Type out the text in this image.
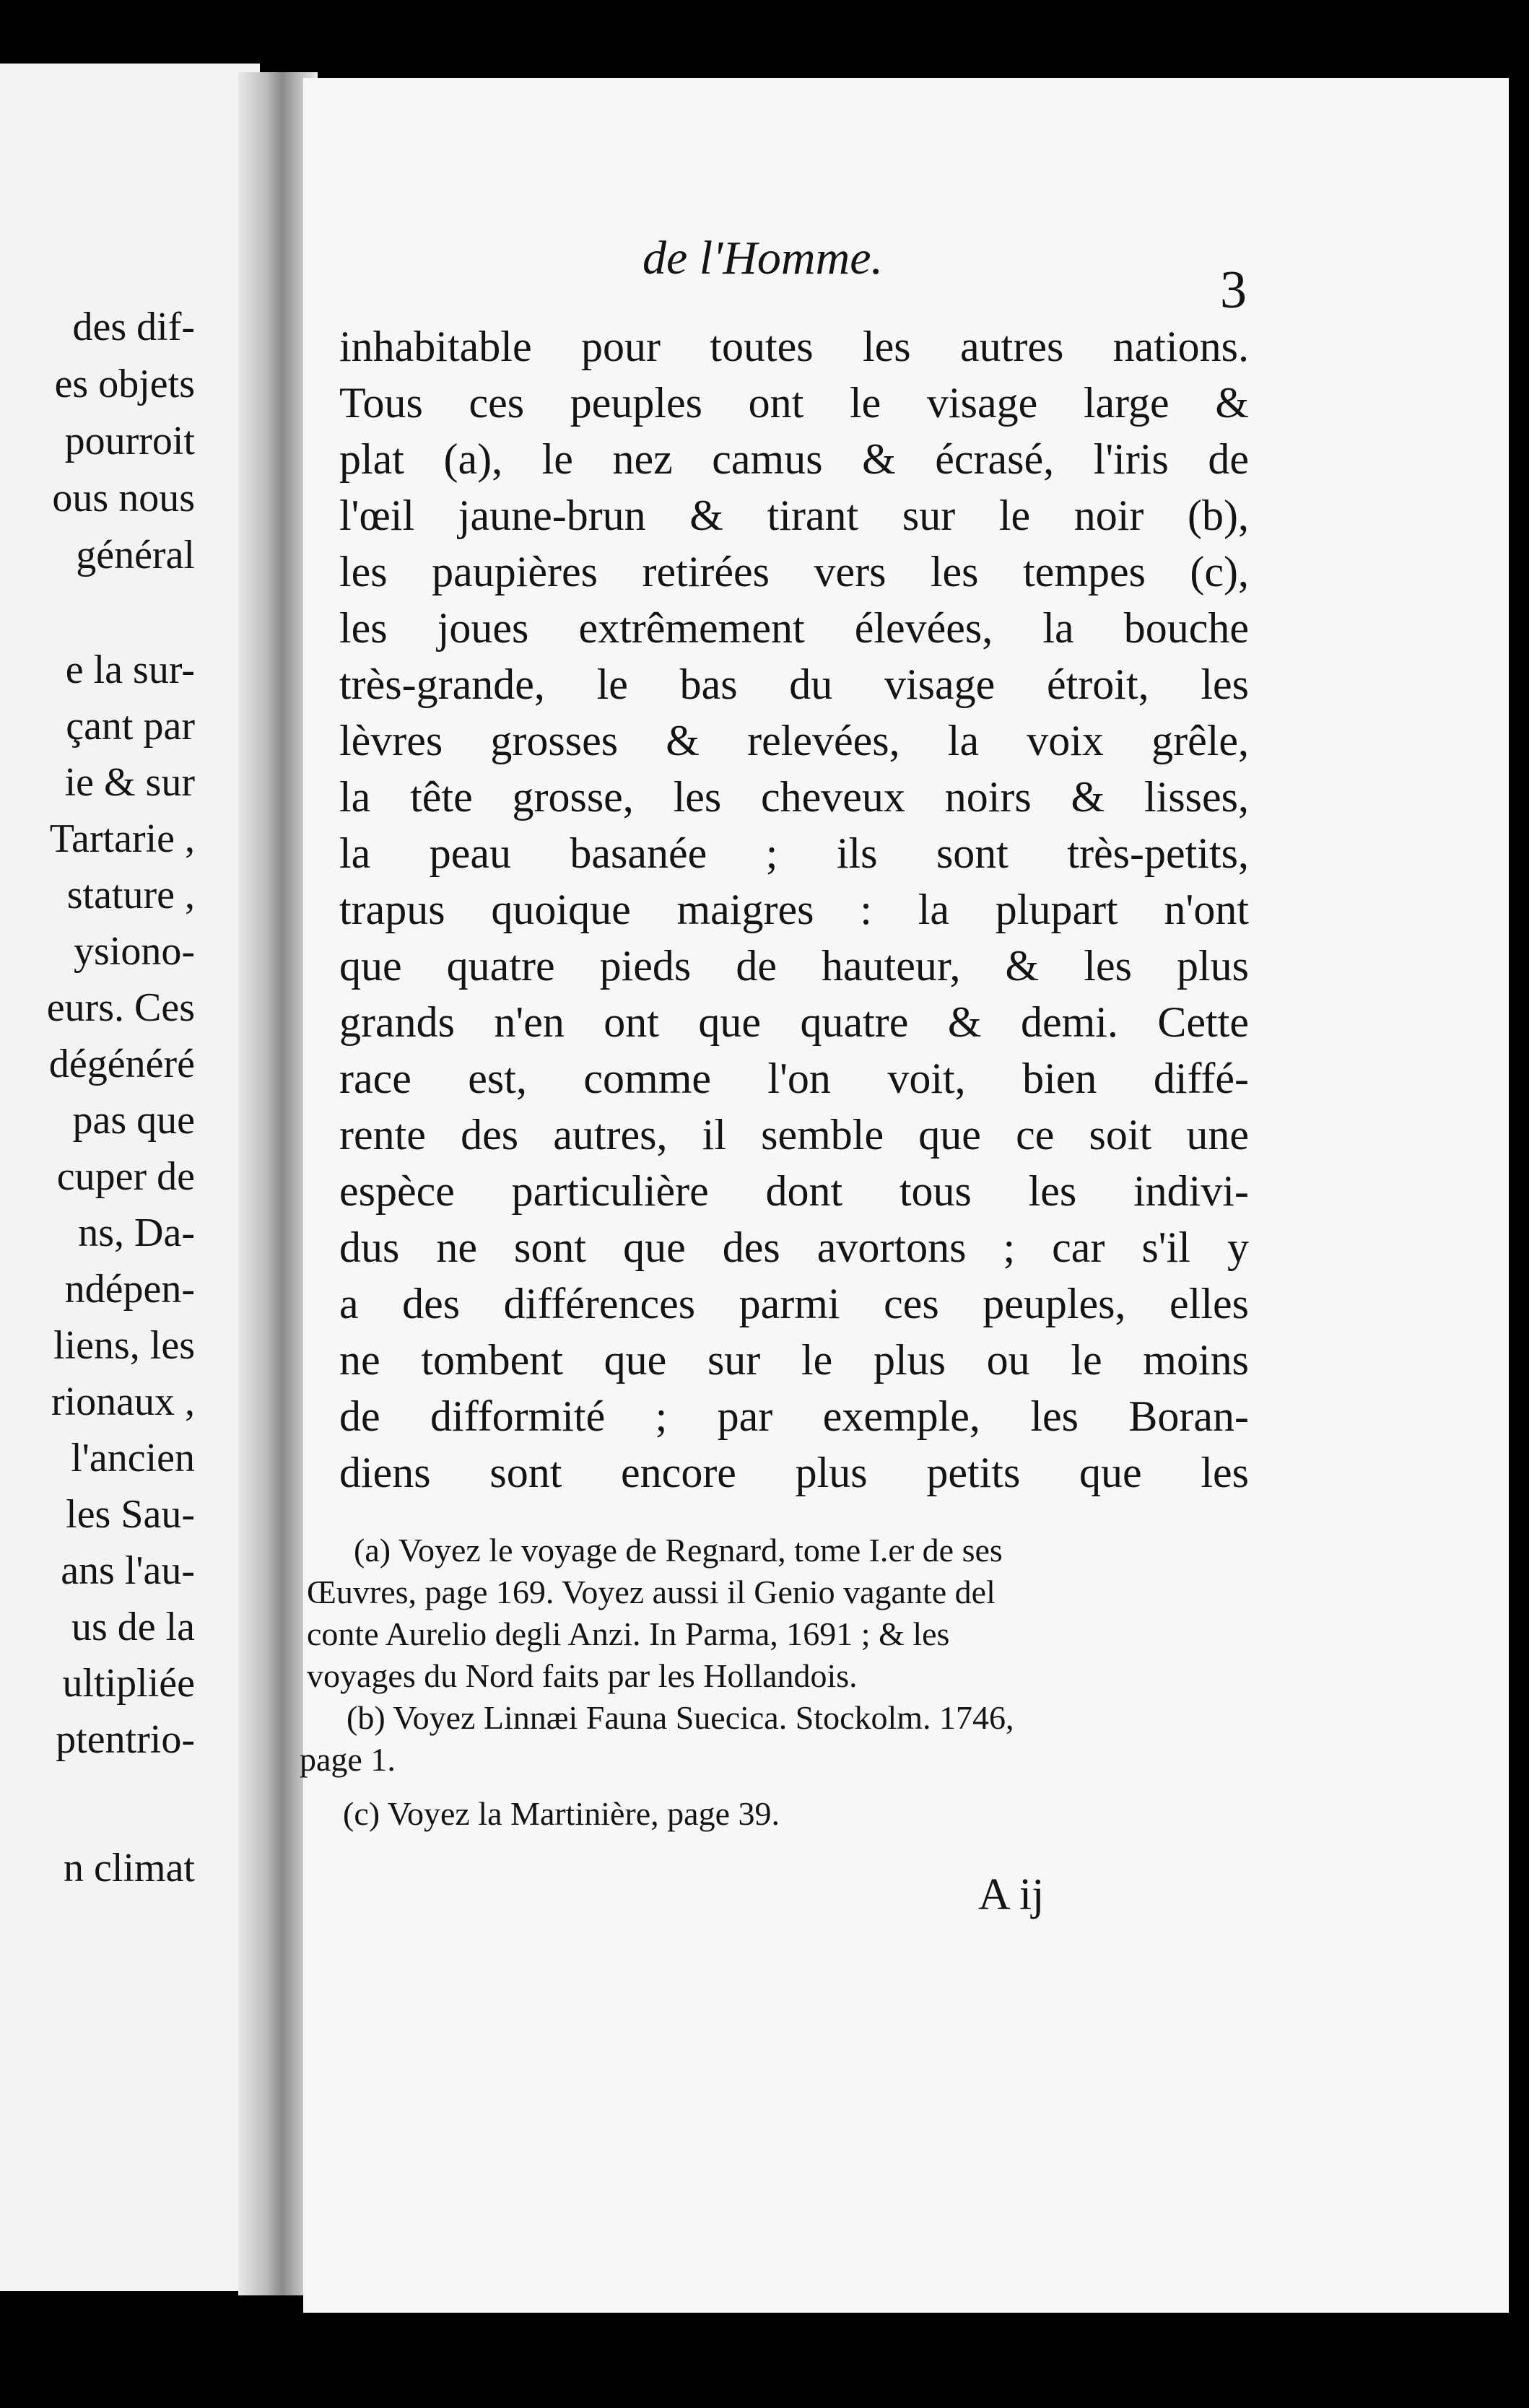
des dif-
es objets
pourroit
ous nous
général
e la sur-
çant par
ie & sur
Tartarie ,
stature ,
ysiono-
eurs. Ces
dégénéré
pas que
cuper de
ns, Da-
ndépen-
liens, les
rionaux ,
l'ancien
les Sau-
ans l'au-
us de la
ultipliée
ptentrio-
n climat
de l'Homme.
3
inhabitable pour toutes les autres nations.
Tous ces peuples ont le visage large &
plat (a), le nez camus & écrasé, l'iris de
l'œil jaune-brun & tirant sur le noir (b),
les paupières retirées vers les tempes (c),
les joues extrêmement élevées, la bouche
très-grande, le bas du visage étroit, les
lèvres grosses & relevées, la voix grêle,
la tête grosse, les cheveux noirs & lisses,
la peau basanée ; ils sont très-petits,
trapus quoique maigres : la plupart n'ont
que quatre pieds de hauteur, & les plus
grands n'en ont que quatre & demi. Cette
race est, comme l'on voit, bien diffé-
rente des autres, il semble que ce soit une
espèce particulière dont tous les indivi-
dus ne sont que des avortons ; car s'il y
a des différences parmi ces peuples, elles
ne tombent que sur le plus ou le moins
de difformité ; par exemple, les Boran-
diens sont encore plus petits que les
(a) Voyez le voyage de Regnard, tome I.er de ses
Œuvres, page 169. Voyez aussi il Genio vagante del
conte Aurelio degli Anzi. In Parma, 1691 ; & les
voyages du Nord faits par les Hollandois.
(b) Voyez Linnæi Fauna Suecica. Stockolm. 1746,
page 1.
(c) Voyez la Martinière, page 39.
A ij
